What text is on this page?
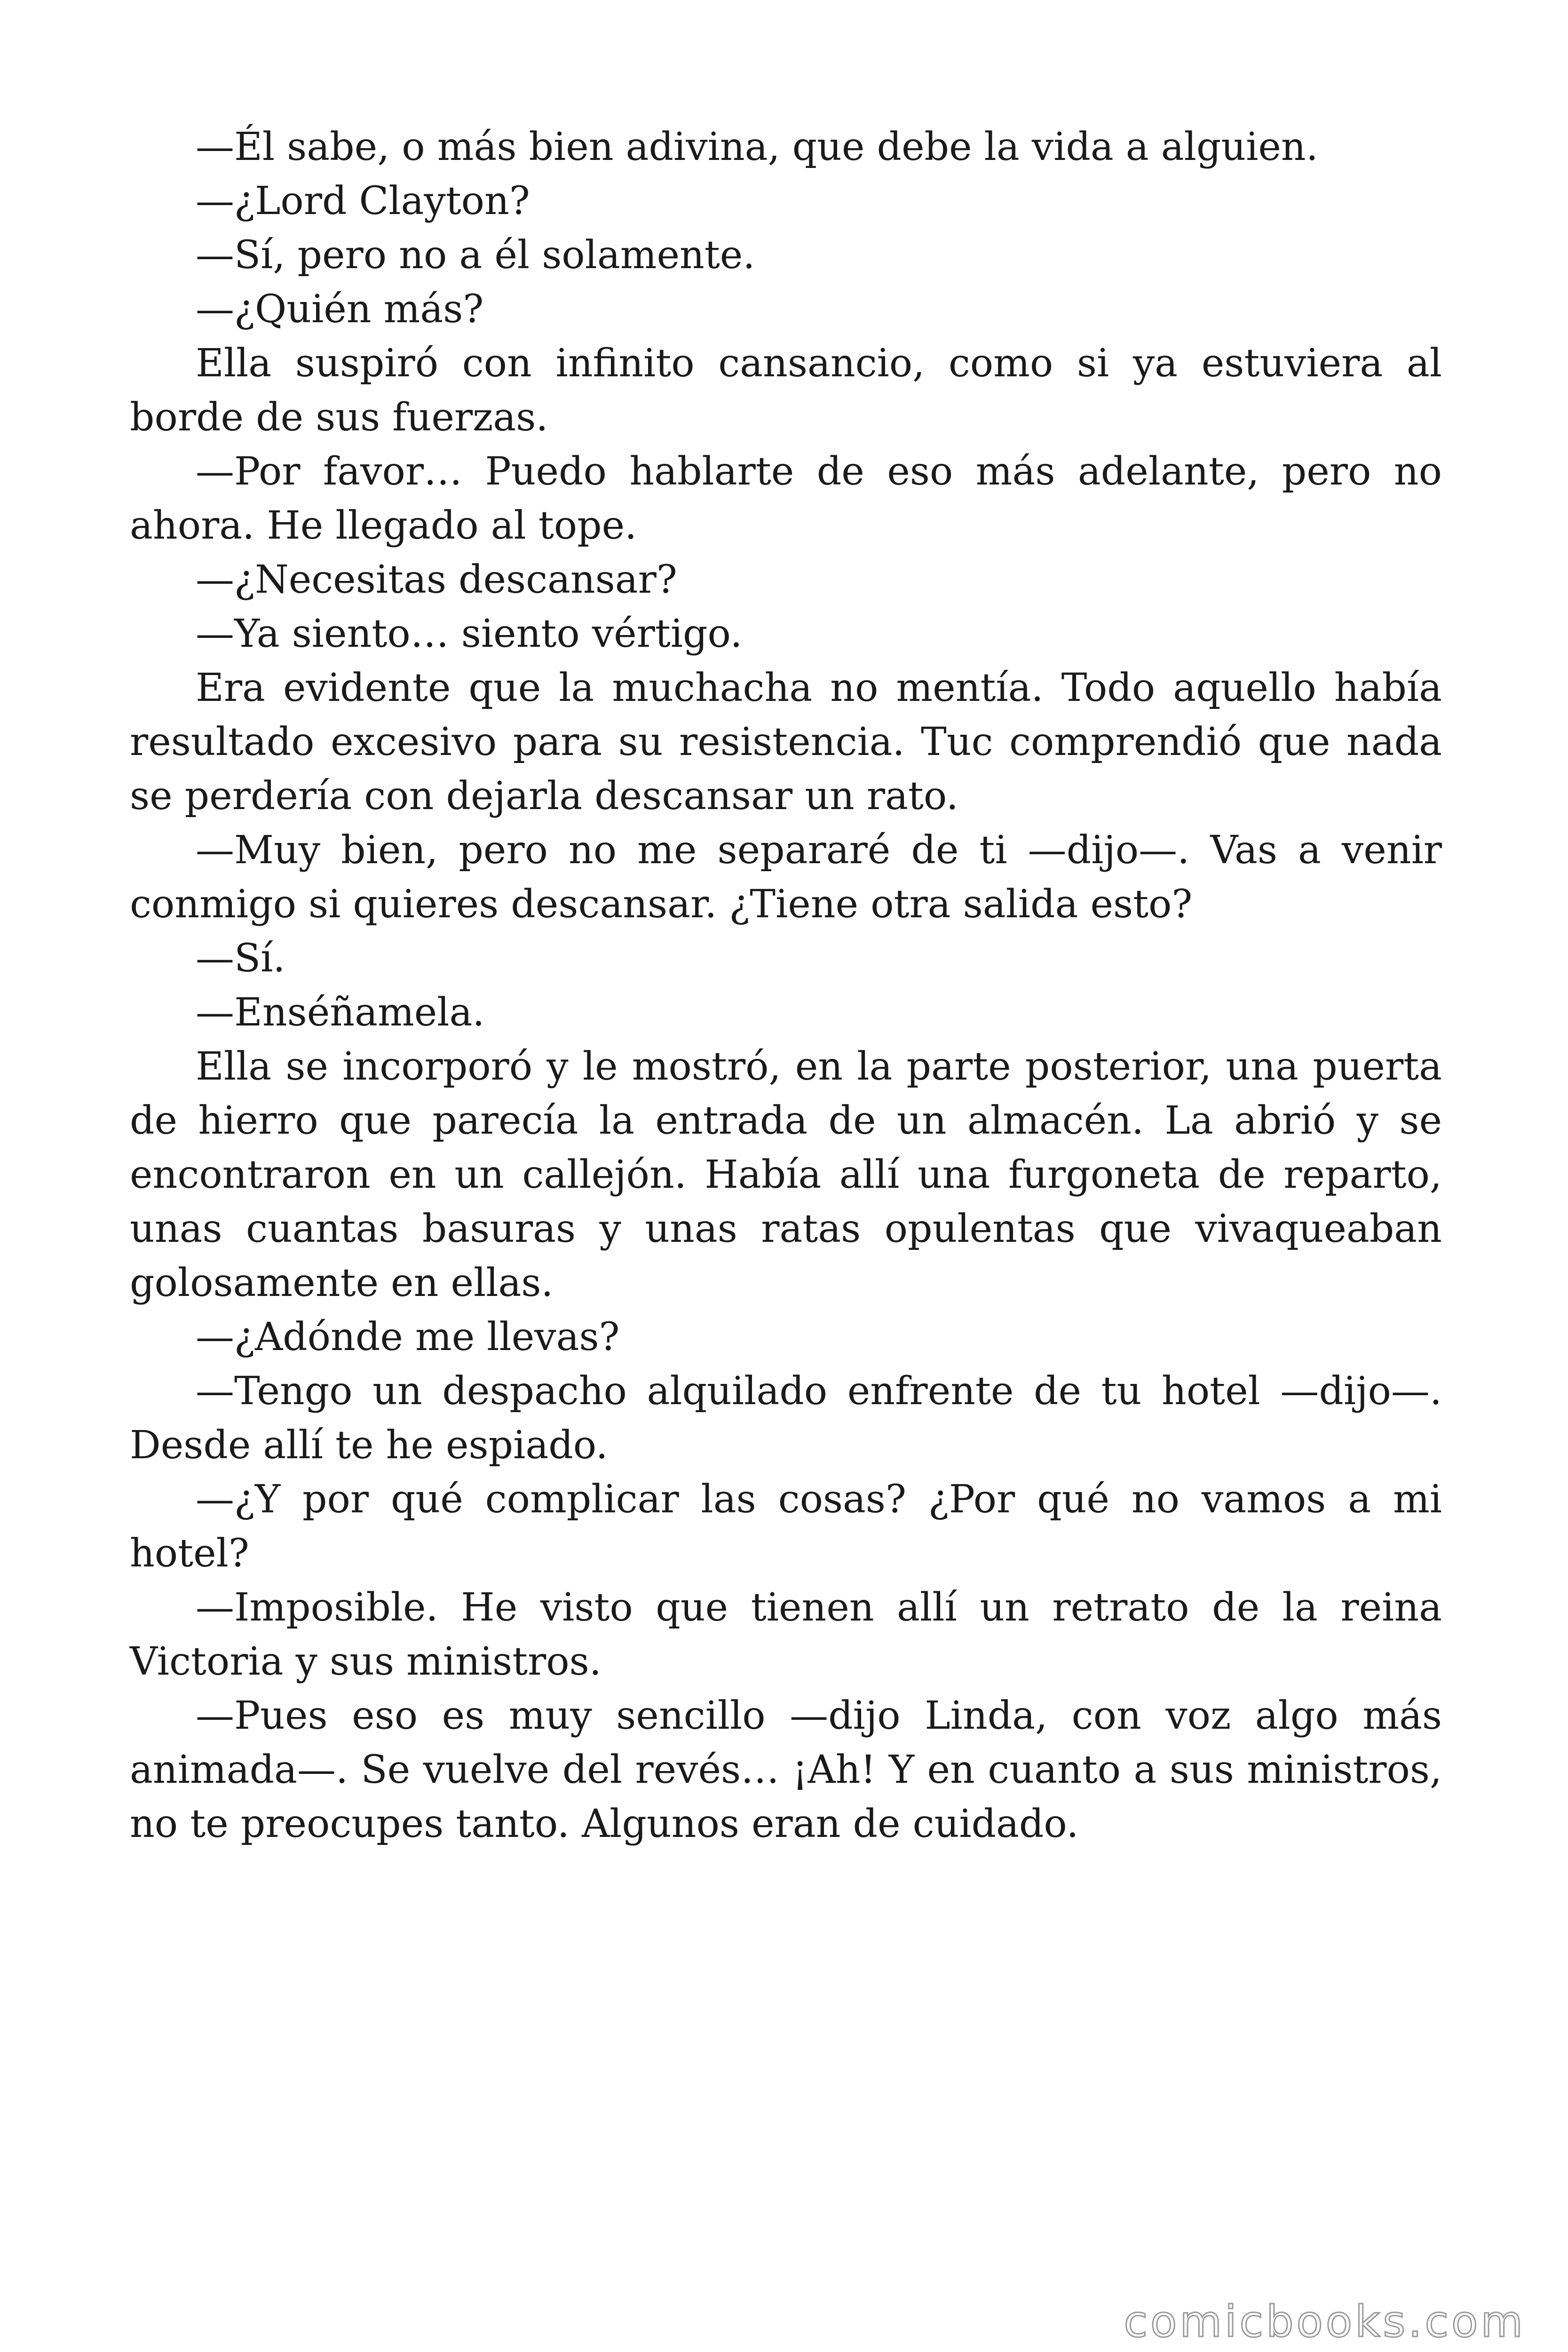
—Él sabe, o más bien adivina, que debe la vida a alguien.

—¿Lord Clayton?

—Sí, pero no a él solamente.

—¿Quién más?

Ella suspiró con infinito cansancio, como si ya estuviera al borde de sus fuerzas.

—Por favor… Puedo hablarte de eso más adelante, pero no ahora. He llegado al tope.

—¿Necesitas descansar?

—Ya siento… siento vértigo.

Era evidente que la muchacha no mentía. Todo aquello había resultado excesivo para su resistencia. Tuc comprendió que nada se perdería con dejarla descansar un rato.

—Muy bien, pero no me separaré de ti —dijo—. Vas a venir conmigo si quieres descansar. ¿Tiene otra salida esto?

—Sí.

—Enséñamela.

Ella se incorporó y le mostró, en la parte posterior, una puerta de hierro que parecía la entrada de un almacén. La abrió y se encontraron en un callejón. Había allí una furgoneta de reparto, unas cuantas basuras y unas ratas opulentas que vivaqueaban golosamente en ellas.

—¿Adónde me llevas?

—Tengo un despacho alquilado enfrente de tu hotel —dijo—. Desde allí te he espiado.

—¿Y por qué complicar las cosas? ¿Por qué no vamos a mi hotel?

—Imposible. He visto que tienen allí un retrato de la reina Victoria y sus ministros.

—Pues eso es muy sencillo —dijo Linda, con voz algo más animada—. Se vuelve del revés… ¡Ah! Y en cuanto a sus ministros, no te preocupes tanto. Algunos eran de cuidado.

comicbooks.com
